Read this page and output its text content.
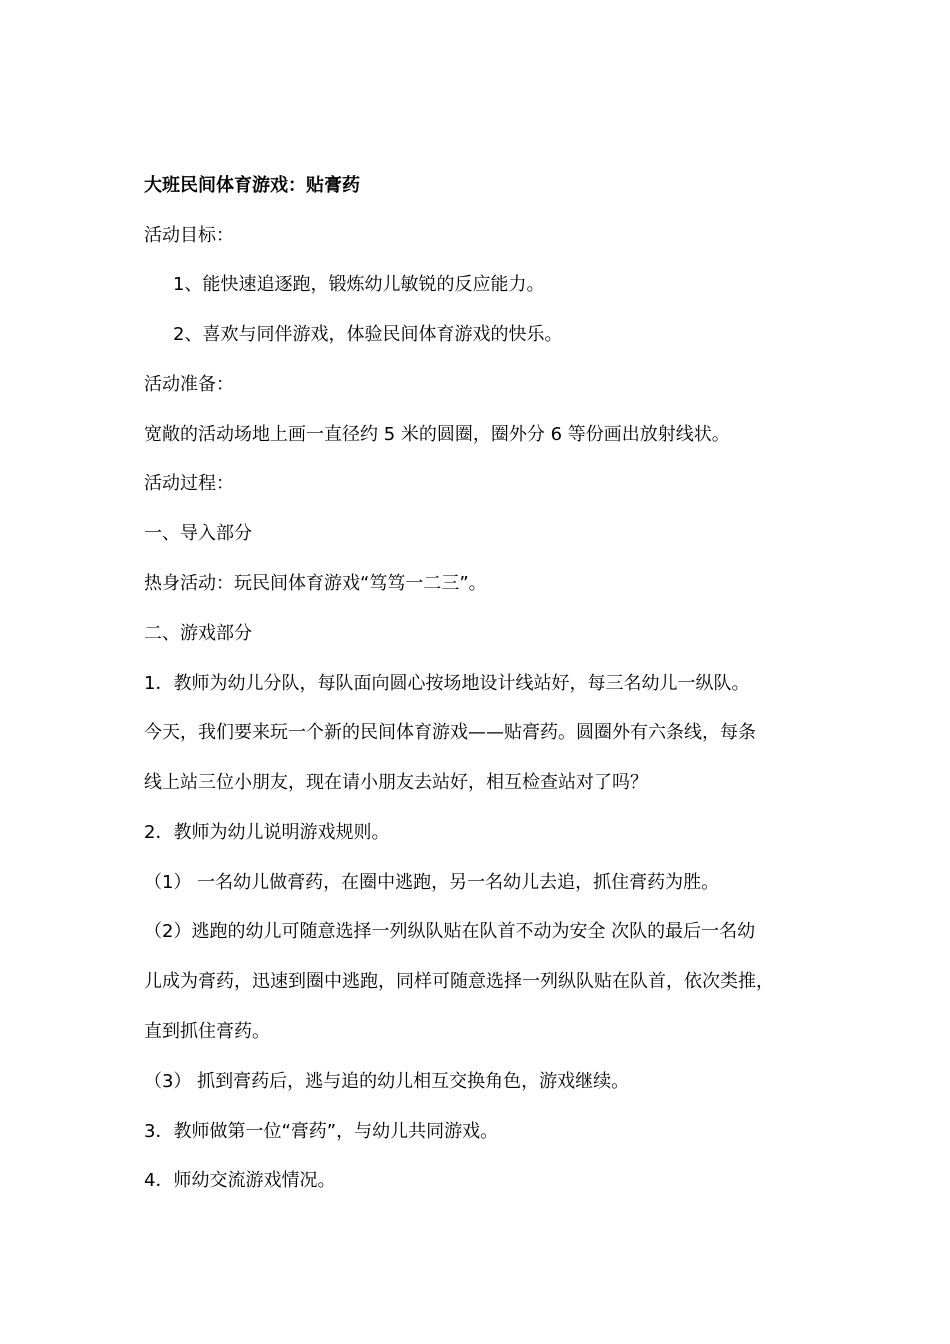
大班民间体育游戏：贴膏药
活动目标：
1、能快速追逐跑，锻炼幼儿敏锐的反应能力。
2、喜欢与同伴游戏，体验民间体育游戏的快乐。
活动准备：
宽敞的活动场地上画一直径约 5 米的圆圈，圈外分 6 等份画出放射线状。
活动过程：
一、导入部分
热身活动：玩民间体育游戏“笃笃一二三”。
二、游戏部分
1．教师为幼儿分队，每队面向圆心按场地设计线站好，每三名幼儿一纵队。
今天，我们要来玩一个新的民间体育游戏——贴膏药。圆圈外有六条线，每条
线上站三位小朋友，现在请小朋友去站好，相互检查站对了吗？
2．教师为幼儿说明游戏规则。
（1） 一名幼儿做膏药，在圈中逃跑，另一名幼儿去追，抓住膏药为胜。
（2）逃跑的幼儿可随意选择一列纵队贴在队首不动为安全 次队的最后一名幼
儿成为膏药，迅速到圈中逃跑，同样可随意选择一列纵队贴在队首，依次类推，
直到抓住膏药。
（3） 抓到膏药后，逃与追的幼儿相互交换角色，游戏继续。
3．教师做第一位“膏药”，与幼儿共同游戏。
4．师幼交流游戏情况。
